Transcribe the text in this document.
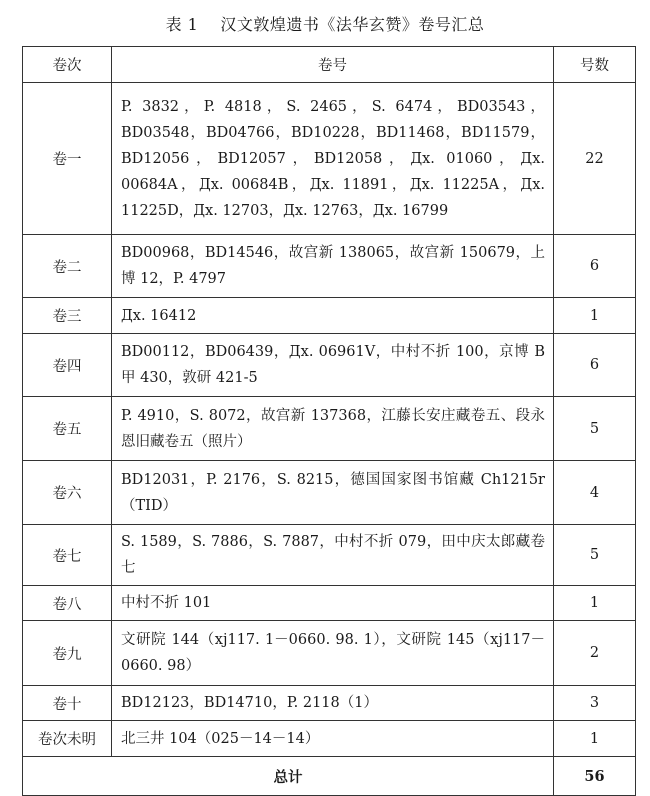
表 1 汉文敦煌遗书《法华玄赞》卷号汇总
卷次	卷号	号数
卷一	P. 3832，P. 4818，S. 2465，S. 6474，BD03543，BD03548，BD04766，BD10228，BD11468，BD11579，BD12056，BD12057，BD12058，Дx. 01060，Дx. 00684A，Дx. 00684B，Дx. 11891，Дx. 11225A，Дx. 11225D，Дx. 12703，Дx. 12763，Дx. 16799	22
卷二	BD00968，BD14546，故宫新 138065，故宫新 150679，上博 12，P. 4797	6
卷三	Дx. 16412	1
卷四	BD00112，BD06439，Дx. 06961V，中村不折 100，京博 B 甲 430，敦研 421-5	6
卷五	P. 4910，S. 8072，故宫新 137368，江藤长安庄藏卷五、段永恩旧藏卷五（照片）	5
卷六	BD12031，P. 2176，S. 8215，德国国家图书馆藏 Ch1215r（TID）	4
卷七	S. 1589，S. 7886，S. 7887，中村不折 079，田中庆太郎藏卷七	5
卷八	中村不折 101	1
卷九	文研院 144（xj117. 1－0660. 98. 1），文研院 145（xj117－0660. 98）	2
卷十	BD12123，BD14710，P. 2118（1）	3
卷次未明	北三井 104（025－14－14）	1
总计		56
